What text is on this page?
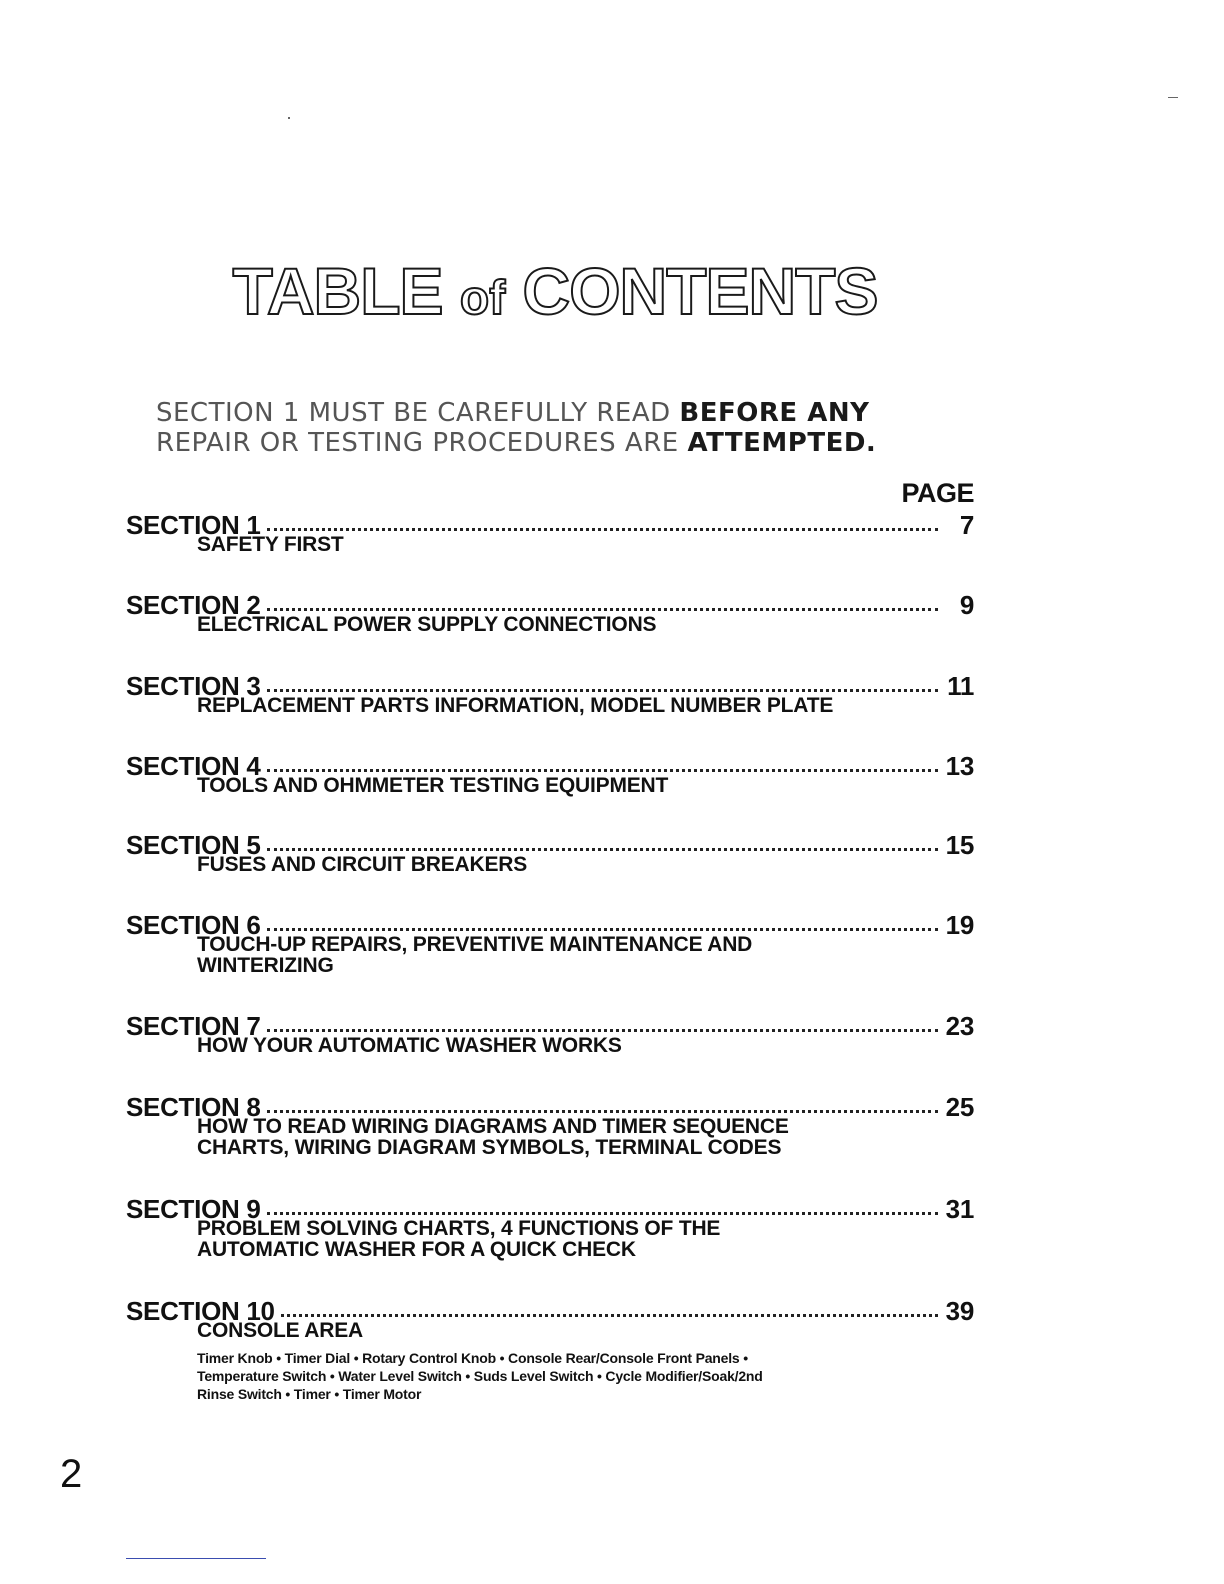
TABLE of CONTENTS
SECTION 1 MUST BE CAREFULLY READ BEFORE ANY
REPAIR OR TESTING PROCEDURES ARE ATTEMPTED.
PAGE
SECTION 1	7
SAFETY FIRST
SECTION 2	9
ELECTRICAL POWER SUPPLY CONNECTIONS
SECTION 3	11
REPLACEMENT PARTS INFORMATION, MODEL NUMBER PLATE
SECTION 4	13
TOOLS AND OHMMETER TESTING EQUIPMENT
SECTION 5	15
FUSES AND CIRCUIT BREAKERS
SECTION 6	19
TOUCH-UP REPAIRS, PREVENTIVE MAINTENANCE AND
WINTERIZING
SECTION 7	23
HOW YOUR AUTOMATIC WASHER WORKS
SECTION 8	25
HOW TO READ WIRING DIAGRAMS AND TIMER SEQUENCE
CHARTS, WIRING DIAGRAM SYMBOLS, TERMINAL CODES
SECTION 9	31
PROBLEM SOLVING CHARTS, 4 FUNCTIONS OF THE
AUTOMATIC WASHER FOR A QUICK CHECK
SECTION 10	39
CONSOLE AREA
Timer Knob • Timer Dial • Rotary Control Knob • Console Rear/Console Front Panels •
Temperature Switch • Water Level Switch • Suds Level Switch • Cycle Modifier/Soak/2nd
Rinse Switch • Timer • Timer Motor
2
